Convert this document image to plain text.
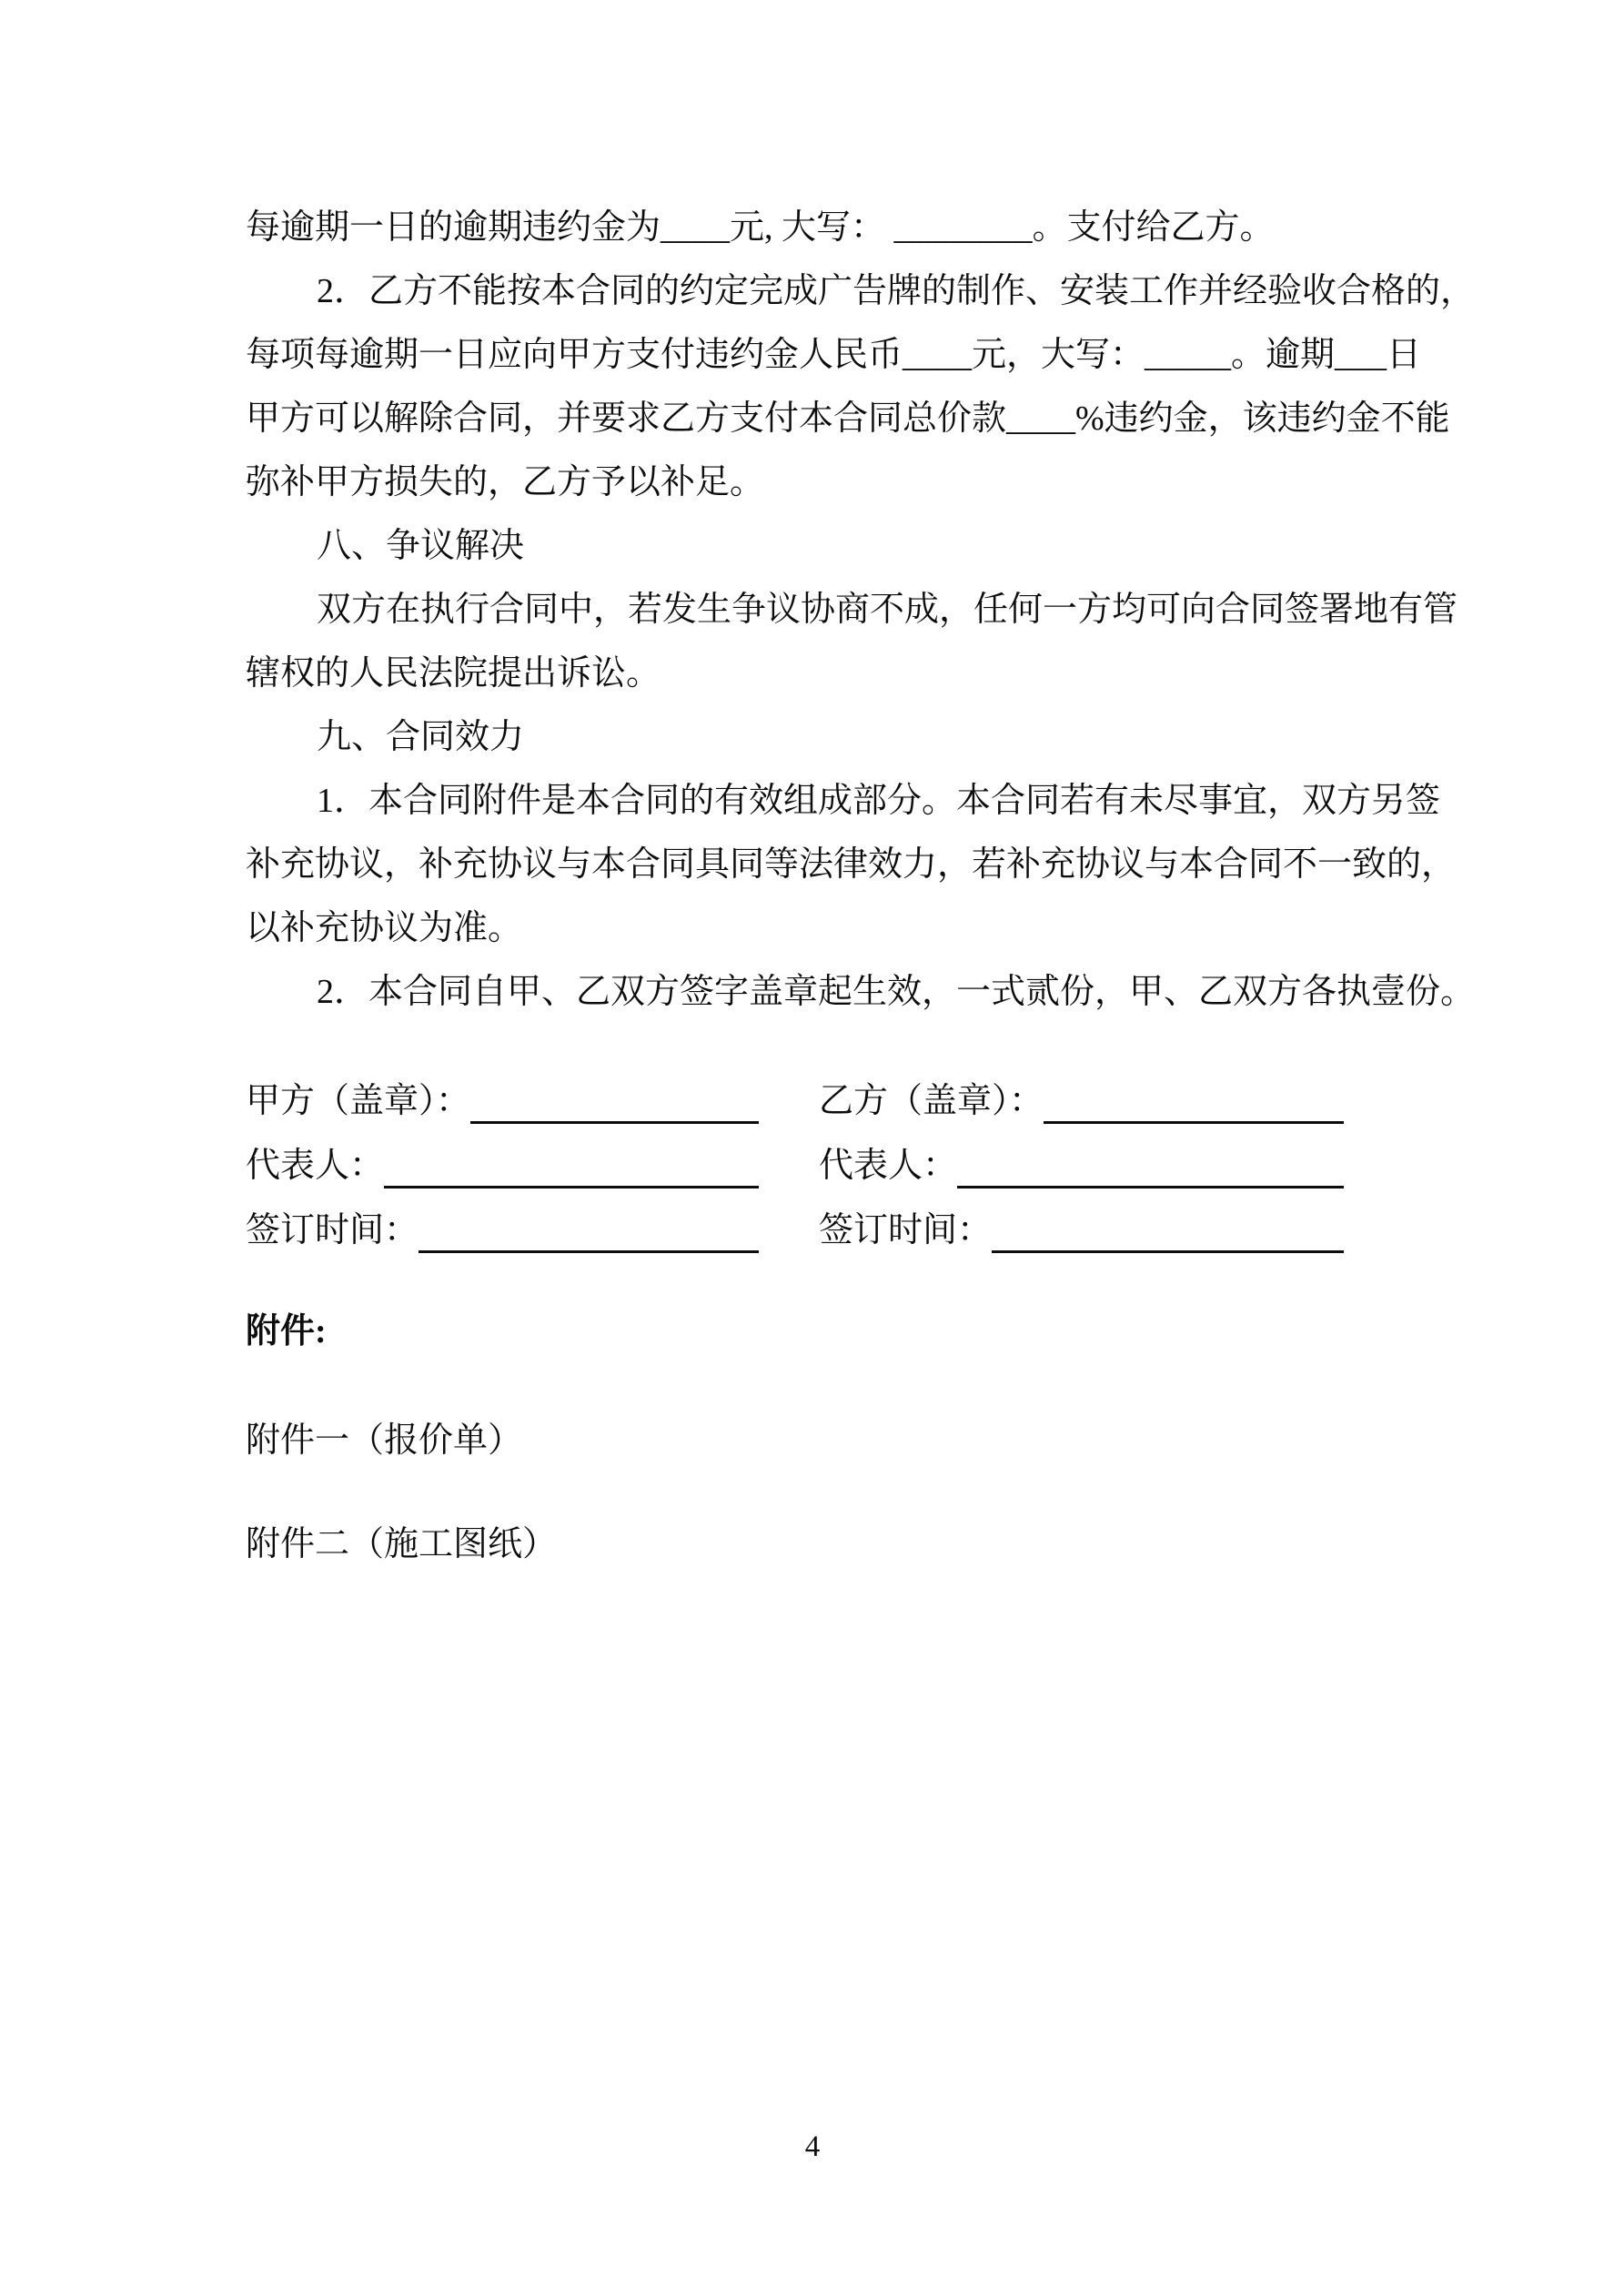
每逾期一日的逾期违约金为____元, 大写： ________。支付给乙方。
2．乙方不能按本合同的约定完成广告牌的制作、安装工作并经验收合格的，
每项每逾期一日应向甲方支付违约金人民币____元，大写：_____。逾期___日
甲方可以解除合同，并要求乙方支付本合同总价款____%违约金，该违约金不能
弥补甲方损失的，乙方予以补足。
八、争议解决
双方在执行合同中，若发生争议协商不成，任何一方均可向合同签署地有管
辖权的人民法院提出诉讼。
九、合同效力
1．本合同附件是本合同的有效组成部分。本合同若有未尽事宜，双方另签
补充协议，补充协议与本合同具同等法律效力，若补充协议与本合同不一致的，
以补充协议为准。
2．本合同自甲、乙双方签字盖章起生效，一式贰份，甲、乙双方各执壹份。
甲方（盖章）：	乙方（盖章）：
代表人：	代表人：
签订时间：	签订时间：
附件:
附件一（报价单）
附件二（施工图纸）
4
